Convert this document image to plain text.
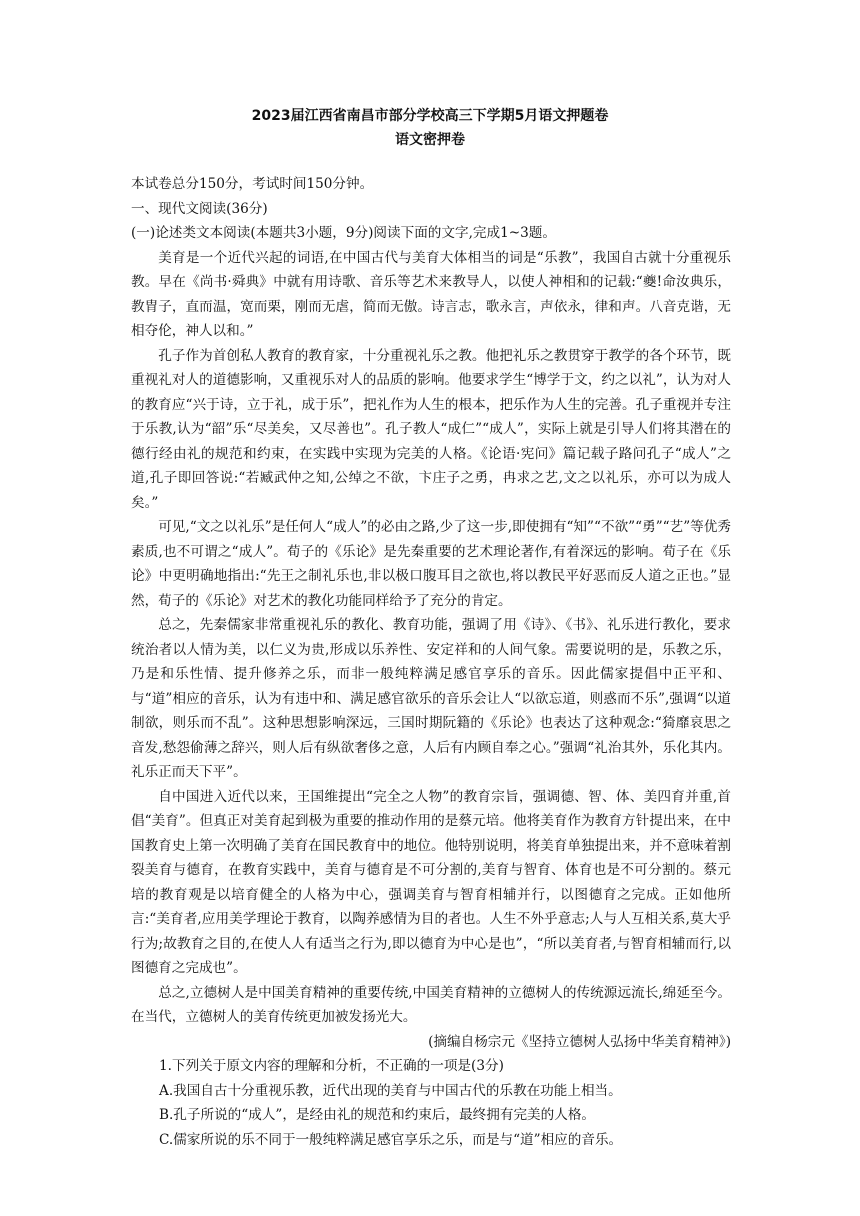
2023届江西省南昌市部分学校高三下学期5月语文押题卷
语文密押卷

本试卷总分150分，考试时间150分钟。

一、现代文阅读(36分)

(一)论述类文本阅读(本题共3小题，9分)阅读下面的文字,完成1~3题。

美育是一个近代兴起的词语,在中国古代与美育大体相当的词是“乐教”，我国自古就十分重视乐教。早在《尚书·舜典》中就有用诗歌、音乐等艺术来教导人，以使人神相和的记载:“夔!命汝典乐，教胄子，直而温，宽而栗，刚而无虐，简而无傲。诗言志，歌永言，声依永，律和声。八音克谐，无相夺伦，神人以和。”

孔子作为首创私人教育的教育家，十分重视礼乐之教。他把礼乐之教贯穿于教学的各个环节，既重视礼对人的道德影响，又重视乐对人的品质的影响。他要求学生“博学于文，约之以礼”，认为对人的教育应“兴于诗，立于礼，成于乐”，把礼作为人生的根本，把乐作为人生的完善。孔子重视并专注于乐教,认为“韶”乐“尽美矣，又尽善也”。孔子教人“成仁”“成人”，实际上就是引导人们将其潜在的德行经由礼的规范和约束，在实践中实现为完美的人格。《论语·宪问》篇记载子路问孔子“成人”之道,孔子即回答说:“若臧武仲之知,公绰之不欲，卞庄子之勇，冉求之艺,文之以礼乐，亦可以为成人矣。”

可见,“文之以礼乐”是任何人“成人”的必由之路,少了这一步,即使拥有“知”“不欲”“勇”“艺”等优秀素质,也不可谓之“成人”。荀子的《乐论》是先秦重要的艺术理论著作,有着深远的影响。荀子在《乐论》中更明确地指出:“先王之制礼乐也,非以极口腹耳目之欲也,将以教民平好恶而反人道之正也。”显然，荀子的《乐论》对艺术的教化功能同样给予了充分的肯定。

总之，先秦儒家非常重视礼乐的教化、教育功能，强调了用《诗》、《书》、礼乐进行教化，要求统治者以人情为美，以仁义为贵,形成以乐养性、安定祥和的人间气象。需要说明的是，乐教之乐，乃是和乐性情、提升修养之乐，而非一般纯粹满足感官享乐的音乐。因此儒家提倡中正平和、与“道”相应的音乐，认为有违中和、满足感官欲乐的音乐会让人“以欲忘道，则惑而不乐”,强调“以道制欲，则乐而不乱”。这种思想影响深远，三国时期阮籍的《乐论》也表达了这种观念:“猗靡哀思之音发,愁怨偷薄之辞兴，则人后有纵欲奢侈之意，人后有内顾自奉之心。”强调“礼治其外，乐化其内。礼乐正而天下平”。

自中国进入近代以来，王国维提出“完全之人物”的教育宗旨，强调德、智、体、美四育并重,首倡“美育”。但真正对美育起到极为重要的推动作用的是蔡元培。他将美育作为教育方针提出来，在中国教育史上第一次明确了美育在国民教育中的地位。他特别说明，将美育单独提出来，并不意味着割裂美育与德育，在教育实践中，美育与德育是不可分割的,美育与智育、体育也是不可分割的。蔡元培的教育观是以培育健全的人格为中心，强调美育与智育相辅并行，以图德育之完成。正如他所言:“美育者,应用美学理论于教育，以陶养感情为目的者也。人生不外乎意志;人与人互相关系,莫大乎行为;故教育之目的,在使人人有适当之行为,即以德育为中心是也”，“所以美育者,与智育相辅而行,以图德育之完成也”。

总之,立德树人是中国美育精神的重要传统,中国美育精神的立德树人的传统源远流长,绵延至今。在当代，立德树人的美育传统更加被发扬光大。

(摘编自杨宗元《坚持立德树人弘扬中华美育精神》)

1.下列关于原文内容的理解和分析，不正确的一项是(3分)

A.我国自古十分重视乐教，近代出现的美育与中国古代的乐教在功能上相当。

B.孔子所说的“成人”，是经由礼的规范和约束后，最终拥有完美的人格。

C.儒家所说的乐不同于一般纯粹满足感官享乐之乐，而是与“道”相应的音乐。
